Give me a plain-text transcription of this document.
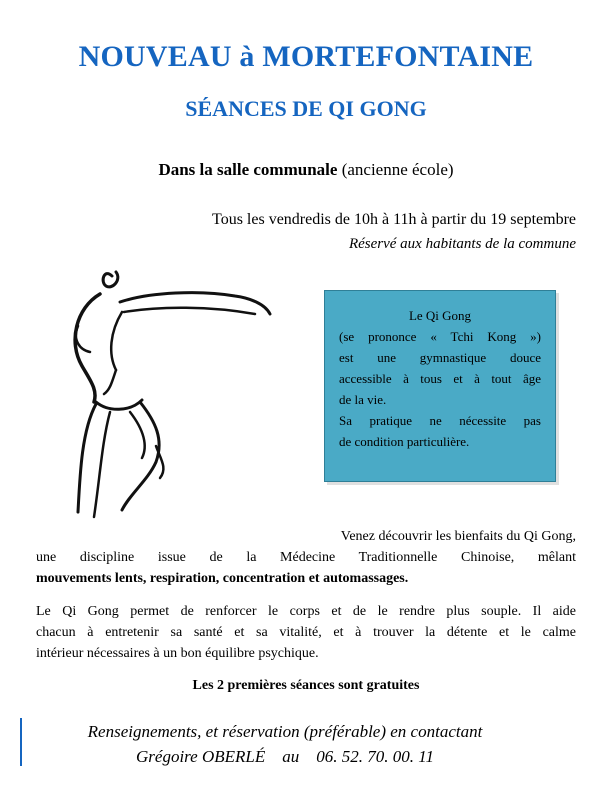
NOUVEAU à MORTEFONTAINE
SÉANCES DE QI GONG
Dans la salle communale (ancienne école)
Tous les vendredis de 10h à 11h à partir du 19 septembre
Réservé aux habitants de la commune
Le Qi Gong
(se prononce « Tchi Kong »)
est une gymnastique douce
accessible à tous et à tout âge
de la vie.
Sa pratique ne nécessite pas
de condition particulière.
Venez découvrir les bienfaits du Qi Gong,
une discipline issue de la Médecine Traditionnelle Chinoise, mêlant
mouvements lents, respiration, concentration et automassages.
Le Qi Gong permet de renforcer le corps et de le rendre plus souple. Il aide
chacun à entretenir sa santé et sa vitalité, et à trouver la détente et le calme
intérieur nécessaires à un bon équilibre psychique.
Les 2 premières séances sont gratuites
Renseignements, et réservation (préférable) en contactant
Grégoire OBERLÉ au 06. 52. 70. 00. 11
